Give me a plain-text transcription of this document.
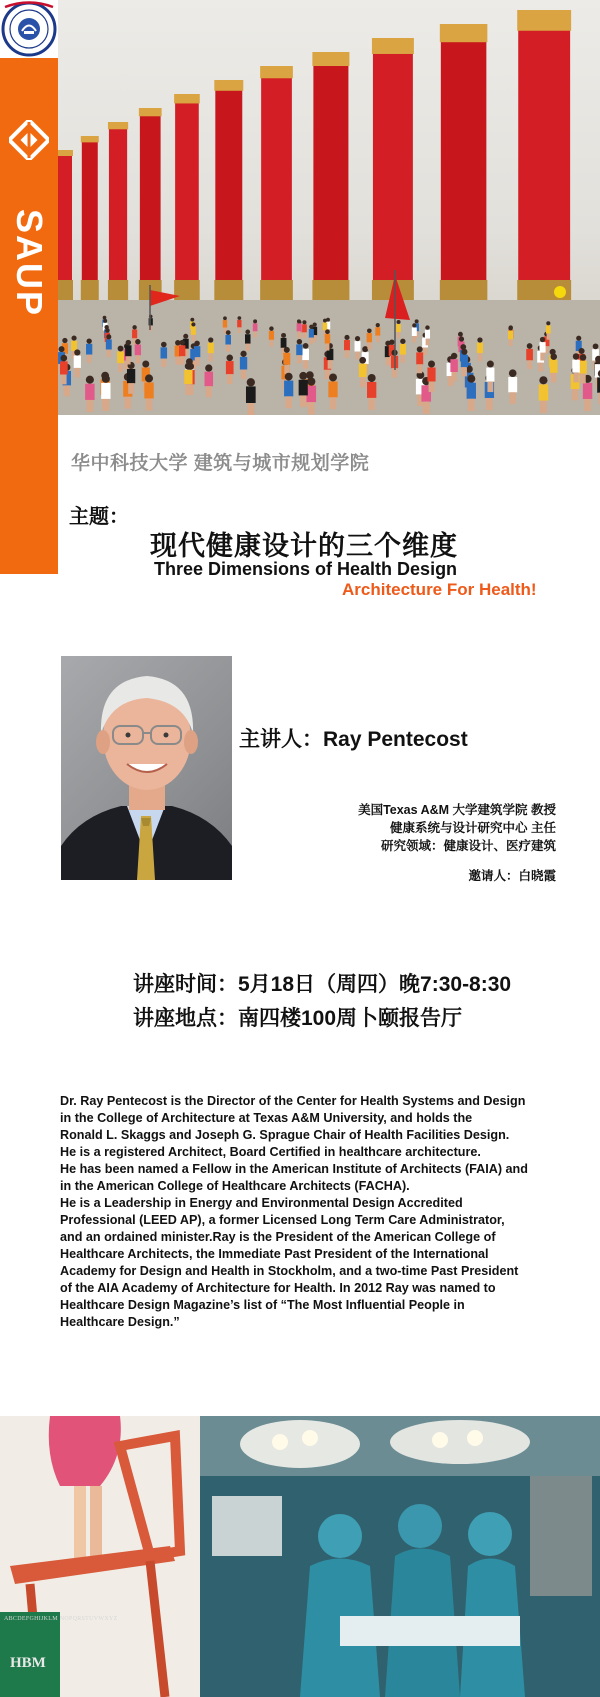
SAUP
华中科技大学 建筑与城市规划学院
主题：
现代健康设计的三个维度
Three Dimensions of Health Design
Architecture For Health!
主讲人：Ray Pentecost
美国Texas A&M 大学建筑学院 教授
健康系统与设计研究中心 主任
研究领域：健康设计、医疗建筑
邀请人：白晓霞
讲座时间：5月18日（周四）晚7:30-8:30
讲座地点：南四楼100周卜颐报告厅
Dr. Ray Pentecost is the Director of the Center for Health Systems and Design
in the College of Architecture at Texas A&M University, and holds the
Ronald L. Skaggs and Joseph G. Sprague Chair of Health Facilities Design.
He is a registered Architect, Board Certified in healthcare architecture.
He has been named a Fellow in the American Institute of Architects (FAIA) and
in the American College of Healthcare Architects (FACHA).
He is a Leadership in Energy and Environmental Design Accredited
Professional (LEED AP), a former Licensed Long Term Care Administrator,
and an ordained minister.Ray is the President of the American College of
Healthcare Architects, the Immediate Past President of the International
Academy for Design and Health in Stockholm, and a two-time Past President
of the AIA Academy of Architecture for Health. In 2012 Ray was named to
Healthcare Design Magazine’s list of “The Most Influential People in
Healthcare Design.”
ABCDEFGHIJKLM NOPQRSTUVWXYZ
HBM
